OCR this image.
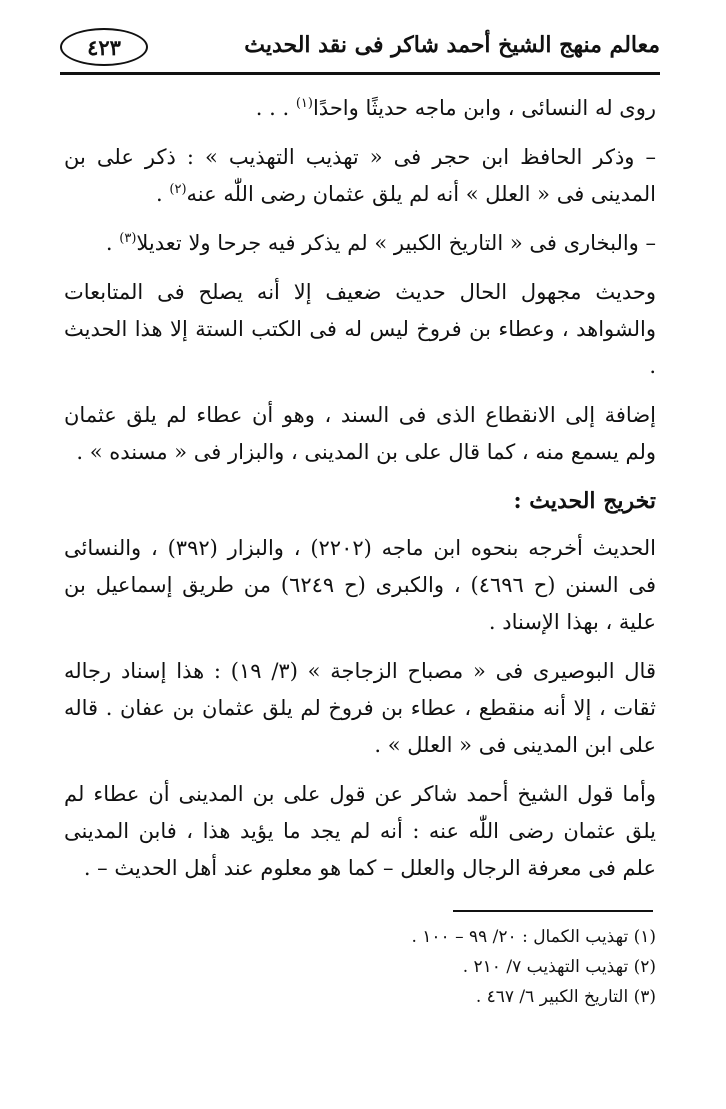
٤٢٣	معالم منهج الشيخ أحمد شاكر فى نقد الحديث

روى له النسائى ، وابن ماجه حديثًا واحدًا$^{(١)}$ . . .

– وذكر الحافظ ابن حجر فى « تهذيب التهذيب » : ذكر على بن المدينى فى « العلل » أنه لم يلق عثمان رضى اللّٰه عنه$^{(٢)}$ .

– والبخارى فى « التاريخ الكبير » لم يذكر فيه جرحا ولا تعديلا$^{(٣)}$ .

وحديث مجهول الحال حديث ضعيف إلا أنه يصلح فى المتابعات والشواهد ، وعطاء بن فروخ ليس له فى الكتب الستة إلا هذا الحديث .

إضافة إلى الانقطاع الذى فى السند ، وهو أن عطاء لم يلق عثمان ولم يسمع منه ، كما قال على بن المدينى ، والبزار فى « مسنده » .

تخريج الحديث :

الحديث أخرجه بنحوه ابن ماجه (٢٢٠٢) ، والبزار (٣٩٢) ، والنسائى فى السنن (ح ٤٦٩٦) ، والكبرى (ح ٦٢٤٩) من طريق إسماعيل بن علية ، بهذا الإسناد .

قال البوصيرى فى « مصباح الزجاجة » (٣/ ١٩) : هذا إسناد رجاله ثقات ، إلا أنه منقطع ، عطاء بن فروخ لم يلق عثمان بن عفان . قاله على ابن المدينى فى « العلل » .

وأما قول الشيخ أحمد شاكر عن قول على بن المدينى أن عطاء لم يلق عثمان رضى اللّٰه عنه : أنه لم يجد ما يؤيد هذا ، فابن المدينى علم فى معرفة الرجال والعلل – كما هو معلوم عند أهل الحديث – .

(١) تهذيب الكمال : ٢٠/ ٩٩ – ١٠٠ .

(٢) تهذيب التهذيب ٧/ ٢١٠ .

(٣) التاريخ الكبير ٦/ ٤٦٧ .
